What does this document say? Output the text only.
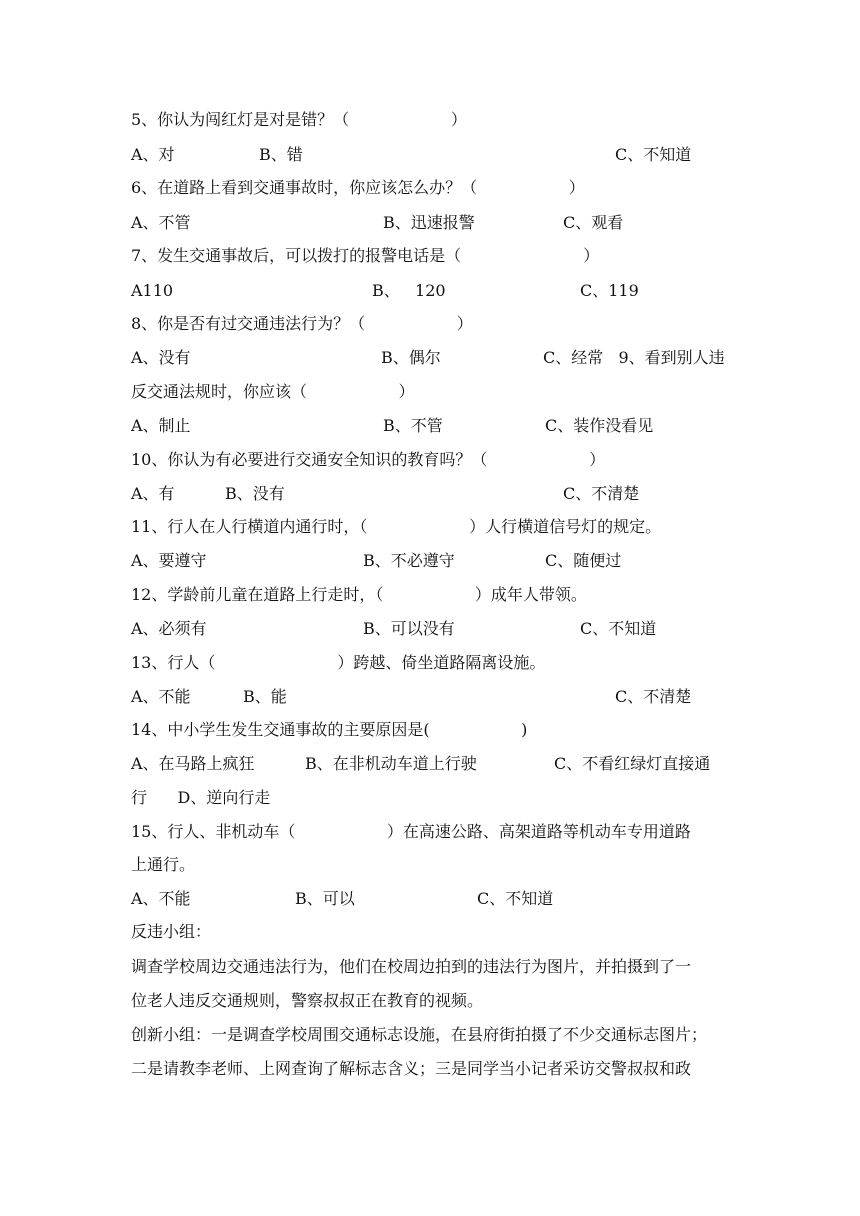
5、你认为闯红灯是对是错？（                    ）
A、对	B、错	C、不知道
6、在道路上看到交通事故时，你应该怎么办？（                  ）
A、不管	B、迅速报警	C、观看
7、发生交通事故后，可以拨打的报警电话是（                        ）
A110	B、   120	C、119
8、你是否有过交通违法行为？（                  ）
A、没有	B、偶尔	C、经常   9、看到别人违
反交通法规时，你应该（                  ）
A、制止	B、不管	C、装作没看见
10、你认为有必要进行交通安全知识的教育吗？（                    ）
A、有	B、没有	C、不清楚
11、行人在人行横道内通行时，（                    ）人行横道信号灯的规定。
A、要遵守	B、不必遵守	C、随便过
12、学龄前儿童在道路上行走时，（                  ）成年人带领。
A、必须有	B、可以没有	C、不知道
13、行人（                        ）跨越、倚坐道路隔离设施。
A、不能	B、能	C、不清楚
14、中小学生发生交通事故的主要原因是(                  )
A、在马路上疯狂	B、在非机动车道上行驶	C、不看红绿灯直接通
行      D、逆向行走
15、行人、非机动车（                  ）在高速公路、高架道路等机动车专用道路
上通行。
A、不能	B、可以	C、不知道
反违小组：
调查学校周边交通违法行为，他们在校周边拍到的违法行为图片，并拍摄到了一
位老人违反交通规则，警察叔叔正在教育的视频。
创新小组：一是调查学校周围交通标志设施，在县府街拍摄了不少交通标志图片；
二是请教李老师、上网查询了解标志含义；三是同学当小记者采访交警叔叔和政
